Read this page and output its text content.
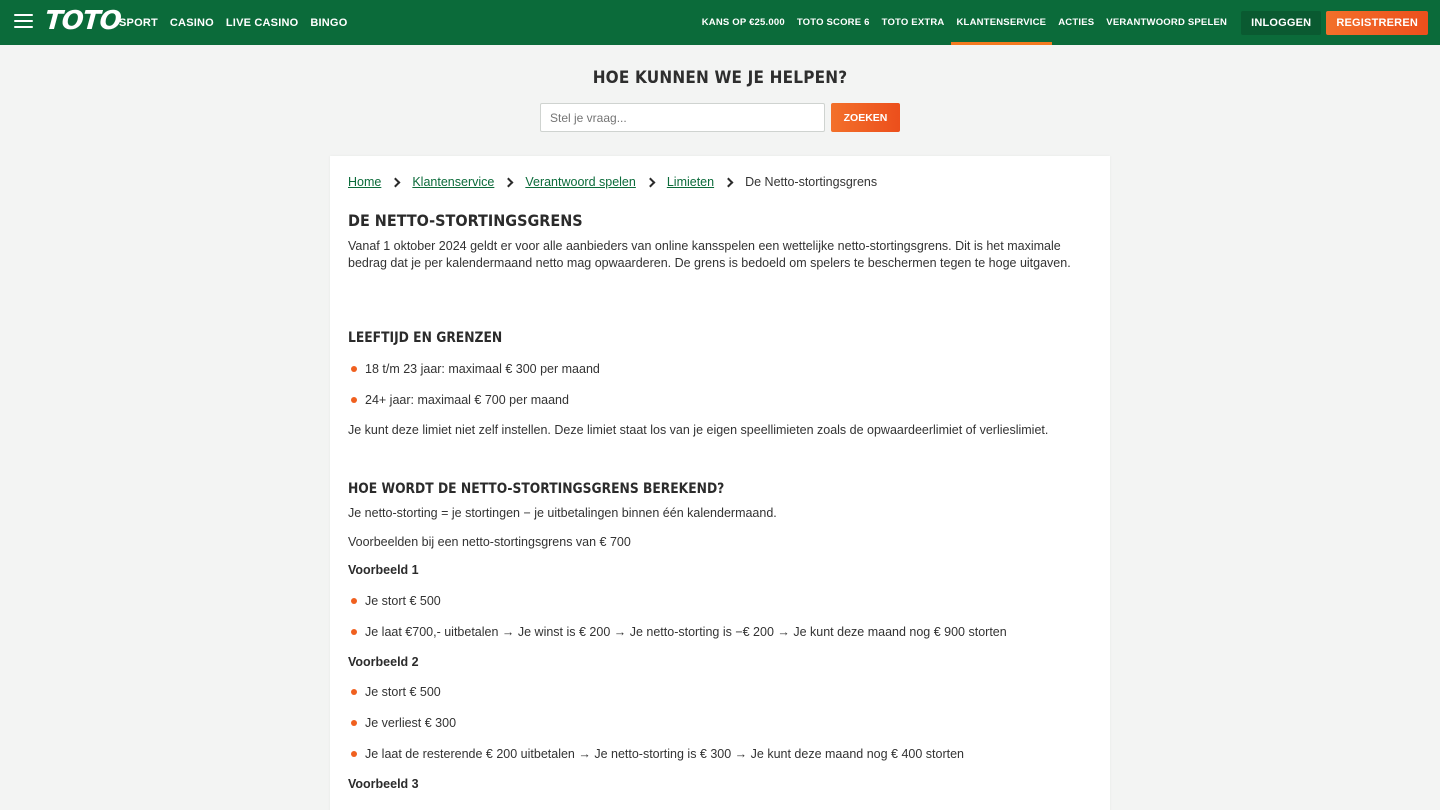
TOTO
SPORT CASINO LIVE CASINO BINGO	KANS OP €25.000	TOTO SCORE 6	TOTO EXTRA	KLANTENSERVICE	ACTIES	VERANTWOORD SPELEN	INLOGGEN	REGISTREREN
HOE KUNNEN WE JE HELPEN?
Stel je vraag...
ZOEKEN
Home Klantenservice Verantwoord spelen Limieten De Netto-stortingsgrens
DE NETTO-STORTINGSGRENS

Vanaf 1 oktober 2024 geldt er voor alle aanbieders van online kansspelen een wettelijke netto-stortingsgrens. Dit is het maximale bedrag dat je per kalendermaand netto mag opwaarderen. De grens is bedoeld om spelers te beschermen tegen te hoge uitgaven.

LEEFTIJD EN GRENZEN
18 t/m 23 jaar: maximaal € 300 per maand
24+ jaar: maximaal € 700 per maand

Je kunt deze limiet niet zelf instellen. Deze limiet staat los van je eigen speellimieten zoals de opwaardeerlimiet of verlieslimiet.

HOE WORDT DE NETTO-STORTINGSGRENS BEREKEND?

Je netto-storting = je stortingen − je uitbetalingen binnen één kalendermaand.

Voorbeelden bij een netto-stortingsgrens van € 700

Voorbeeld 1
Je stort € 500
Je laat €700,- uitbetalen → Je winst is € 200 → Je netto-storting is −€ 200 → Je kunt deze maand nog € 900 storten
Voorbeeld 2
Je stort € 500
Je verliest € 300
Je laat de resterende € 200 uitbetalen → Je netto-storting is € 300 → Je kunt deze maand nog € 400 storten
Voorbeeld 3
